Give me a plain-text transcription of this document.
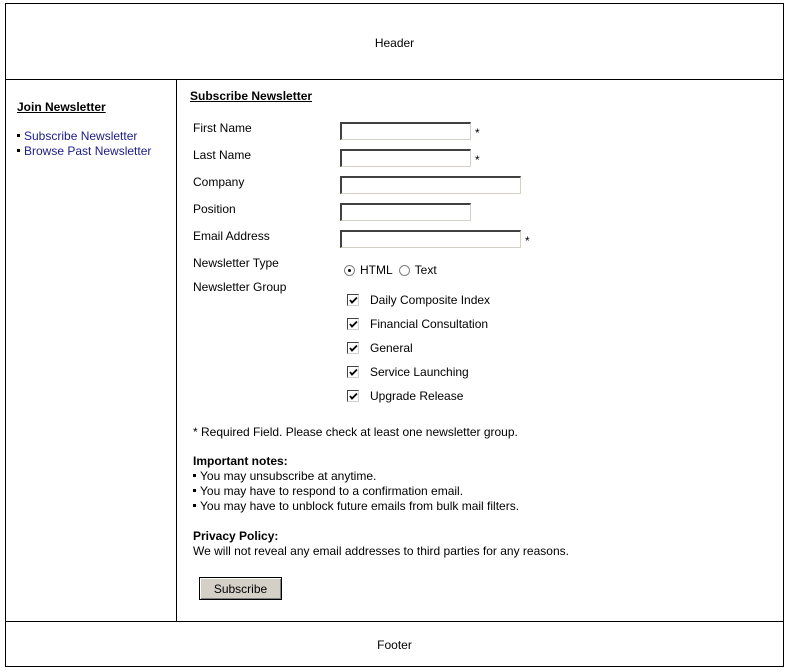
Header
Join Newsletter
Subscribe Newsletter
Browse Past Newsletter
Subscribe Newsletter
First Name	*
Last Name	*
Company
Position
Email Address	*
Newsletter Type	HTML Text
Newsletter Group
Daily Composite Index
Financial Consultation
General
Service Launching
Upgrade Release
* Required Field. Please check at least one newsletter group.
Important notes:
You may unsubscribe at anytime.
You may have to respond to a confirmation email.
You may have to unblock future emails from bulk mail filters.
Privacy Policy:
We will not reveal any email addresses to third parties for any reasons.
Subscribe
Footer
